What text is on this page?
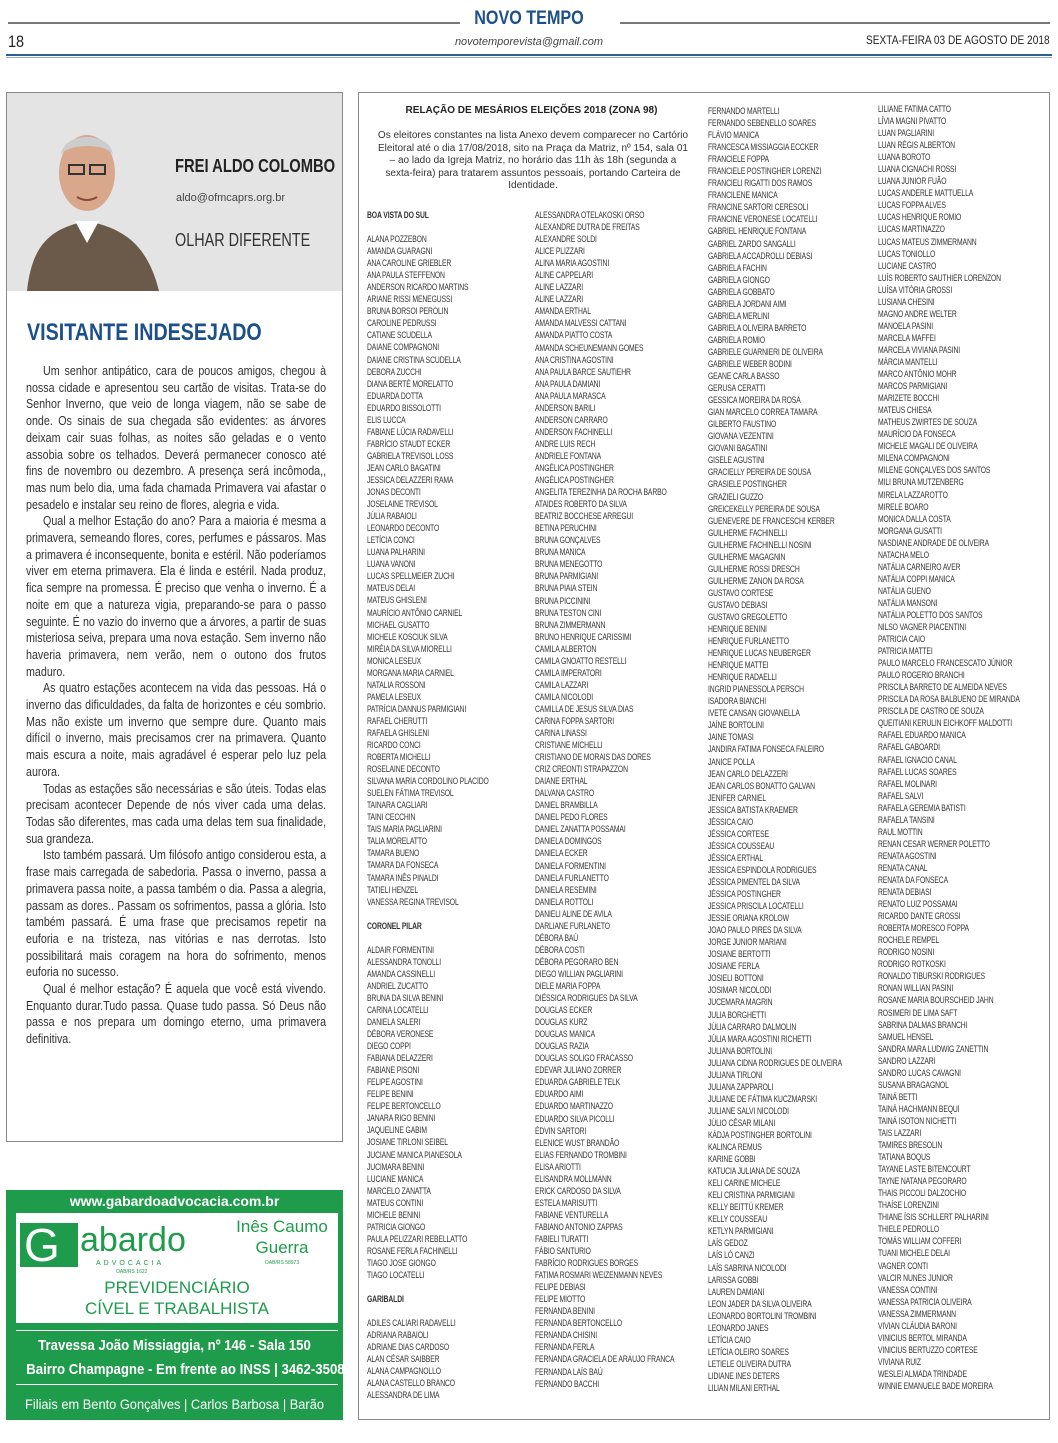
NOVO TEMPO
18	novotemporevista@gmail.com	SEXTA-FEIRA 03 DE AGOSTO DE 2018
FREI ALDO COLOMBO
aldo@ofmcaprs.org.br
OLHAR DIFERENTE
VISITANTE INDESEJADO

Um senhor antipático, cara de poucos amigos, chegou à nossa cidade e apresentou seu cartão de visitas. Trata-se do Senhor Inverno, que veio de longa viagem, não se sabe de onde. Os sinais de sua chegada são evidentes: as árvores deixam cair suas folhas, as noites são geladas e o vento assobia sobre os telhados. Deverá permanecer conosco até fins de novembro ou dezembro. A presença será incômoda,, mas num belo dia, uma fada chamada Primavera vai afastar o pesadelo e instalar seu reino de flores, alegria e vida.

Qual a melhor Estação do ano? Para a maioria é mesma a primavera, semeando flores, cores, perfumes e pássaros. Mas a primavera é inconsequente, bonita e estéril. Não poderíamos viver em eterna primavera. Ela é linda e estéril. Nada produz, fica sempre na promessa. É preciso que venha o inverno. É a noite em que a natureza vigia, preparando-se para o passo seguinte. É no vazio do inverno que a árvores, a partir de suas misteriosa seiva, prepara uma nova estação. Sem inverno não haveria primavera, nem verão, nem o outono dos frutos maduro.

As quatro estações acontecem na vida das pessoas. Há o inverno das dificuldades, da falta de horizontes e céu sombrio. Mas não existe um inverno que sempre dure. Quanto mais difícil o inverno, mais precisamos crer na primavera. Quanto mais escura a noite, mais agradável é esperar pelo luz pela aurora.

Todas as estações são necessárias e são úteis. Todas elas precisam acontecer Depende de nós viver cada uma delas. Todas são diferentes, mas cada uma delas tem sua finalidade, sua grandeza.

Isto também passará. Um filósofo antigo considerou esta, a frase mais carregada de sabedoria. Passa o inverno, passa a primavera passa noite, a passa também o dia. Passa a alegria, passam as dores.. Passam os sofrimentos, passa a glória. Isto também passará. É uma frase que precisamos repetir na euforia e na tristeza, nas vitórias e nas derrotas. Isto possibilitará mais coragem na hora do sofrimento, menos euforia no sucesso.

Qual é melhor estação? É aquela que você está vivendo. Enquanto durar.Tudo passa. Quase tudo passa. Só Deus não passa e nos prepara um domingo eterno, uma primavera definitiva.

www.gabardoadvocacia.com.br
G abardo
ADVOCACIA
OAB/RS 1622
Inês Caumo
Guerra
OAB/RS 58973
PREVIDENCIÁRIO
CÍVEL E TRABALHISTA
Travessa João Missiaggia, nº 146 - Sala 150
Bairro Champagne - Em frente ao INSS | 3462-3508
Filiais em Bento Gonçalves | Carlos Barbosa | Barão
RELAÇÃO DE MESÁRIOS ELEIÇÕES 2018 (ZONA 98)
Os eleitores constantes na lista Anexo devem comparecer no Cartório Eleitoral até o dia 17/08/2018, sito na Praça da Matriz, nº 154, sala 01 – ao lado da Igreja Matriz, no horário das 11h às 18h (segunda a sexta-feira) para tratarem assuntos pessoais, portando Carteira de Identidade.
BOA VISTA DO SUL
ALANA POZZEBON
AMANDA GUARAGNI
ANA CAROLINE GRIEBLER
ANA PAULA STEFFENON
ANDERSON RICARDO MARTINS
ARIANE RISSI MENEGUSSI
BRUNA BORSOI PEROLIN
CAROLINE PEDRUSSI
CATIANE SCUDELLA
DAIANE COMPAGNONI
DAIANE CRISTINA SCUDELLA
DEBORA ZUCCHI
DIANA BERTÉ MORELATTO
EDUARDA DOTTA
EDUARDO BISSOLOTTI
ELIS LUCCA
FABIANE LÚCIA RADAVELLI
FABRÍCIO STAUDT ECKER
GABRIELA TREVISOL LOSS
JEAN CARLO BAGATINI
JESSICA DELAZZERI RAMA
JONAS DECONTI
JOSELAINE TREVISOL
JÚLIA RABAIOLI
LEONARDO DECONTO
LETÍCIA CONCI
LUANA PALHARINI
LUANA VANONI
LUCAS SPELLMEIER ZUCHI
MATEUS DELAI
MATEUS GHISLENI
MAURÍCIO ANTÔNIO CARNIEL
MICHAEL GUSATTO
MICHELE KOSCIUK SILVA
MIRÉIA DA SILVA MIORELLI
MONICA LESEUX
MORGANA MARIA CARNIEL
NATALIA ROSSONI
PAMELA LESEUX
PATRÍCIA DANNUS PARMIGIANI
RAFAEL CHERUTTI
RAFAELA GHISLENI
RICARDO CONCI
ROBERTA MICHELLI
ROSELAINE DECONTO
SILVANA MARIA CORDOLINO PLACIDO
SUELEN FÁTIMA TREVISOL
TAINARA CAGLIARI
TAINI CECCHIN
TAIS MARIA PAGLIARINI
TALIA MORELATTO
TAMARA BUENO
TAMARA DA FONSECA
TAMARA INÊS PINALDI
TATIELI HENZEL
VANESSA REGINA TREVISOL
CORONEL PILAR
ALDAIR FORMENTINI
ALESSANDRA TONOLLI
AMANDA CASSINELLI
ANDRIEL ZUCATTO
BRUNA DA SILVA BENINI
CARINA LOCATELLI
DANIELA SALERI
DÉBORA VERONESE
DIEGO COPPI
FABIANA DELAZZERI
FABIANE PISONI
FELIPE AGOSTINI
FELIPE BENINI
FELIPE BERTONCELLO
JANARA RIGO BENINI
JAQUELINE GABIM
JOSIANE TIRLONI SEIBEL
JUCIANE MANICA PIANESOLA
JUCIMARA BENINI
LUCIANE MANICA
MARCELO ZANATTA
MATEUS CONTINI
MICHELE BENINI
PATRICIA GIONGO
PAULA PELIZZARI REBELLATTO
ROSANE FERLA FACHINELLI
TIAGO JOSE GIONGO
TIAGO LOCATELLI
GARIBALDI
ADILES CALIARI RADAVELLI
ADRIANA RABAIOLI
ADRIANE DIAS CARDOSO
ALAN CÉSAR SAIBBER
ALANA CAMPAGNOLLO
ALANA CASTELLO BRANCO
ALESSANDRA DE LIMA
ALESSANDRA OTELAKOSKI ORSO
ALEXANDRE DUTRA DE FREITAS
ALEXANDRE SOLDI
ALICE PLIZZARI
ALINA MARIA AGOSTINI
ALINE CAPPELARI
ALINE LAZZARI
ALINE LAZZARI
AMANDA ERTHAL
AMANDA MALVESSI CATTANI
AMANDA PIATTO COSTA
AMANDA SCHEUNEMANN GOMES
ANA CRISTINA AGOSTINI
ANA PAULA BARCE SAUTIEHR
ANA PAULA DAMIANI
ANA PAULA MARASCA
ANDERSON BARILI
ANDERSON CARRARO
ANDERSON FACHINELLI
ANDRE LUIS RECH
ANDRIELE FONTANA
ANGÉLICA POSTINGHER
ANGÉLICA POSTINGHER
ANGELITA TEREZINHA DA ROCHA BARBO
ATAIDES ROBERTO DA SILVA
BEATRIZ BOCCHESE ARREGUI
BETINA PERUCHINI
BRUNA GONÇALVES
BRUNA MANICA
BRUNA MENEGOTTO
BRUNA PARMIGIANI
BRUNA PIAIA STEIN
BRUNA PICCININI
BRUNA TESTON CINI
BRUNA ZIMMERMANN
BRUNO HENRIQUE CARISSIMI
CAMILA ALBERTON
CAMILA GNOATTO RESTELLI
CAMILA IMPERATORI
CAMILA LAZZARI
CAMILA NICOLODI
CAMILLA DE JESUS SILVA DIAS
CARINA FOPPA SARTORI
CARINA LINASSI
CRISTIANE MICHELLI
CRISTIANO DE MORAIS DAS DORES
CRIZ CREONTI STRAPAZZON
DAIANE ERTHAL
DALVANA CASTRO
DANIEL BRAMBILLA
DANIEL PEDO FLORES
DANIEL ZANATTA POSSAMAI
DANIELA DOMINGOS
DANIELA ECKER
DANIELA FORMENTINI
DANIELA FURLANETTO
DANIELA RESEMINI
DANIELA ROTTOLI
DANIELI ALINE DE AVILA
DARLIANE FURLANETO
DÉBORA BAÚ
DÉBORA COSTI
DÉBORA PEGORARO BEN
DIEGO WILLIAN PAGLIARINI
DIELE MARIA FOPPA
DIÉSSICA RODRIGUES DA SILVA
DOUGLAS ECKER
DOUGLAS KURZ
DOUGLAS MANICA
DOUGLAS RAZIA
DOUGLAS SOLIGO FRACASSO
EDEVAR JULIANO ZORRER
EDUARDA GABRIELE TELK
EDUARDO AIMI
EDUARDO MARTINAZZO
EDUARDO SILVA PICOLLI
ÉDVIN SARTORI
ELENICE WUST BRANDÃO
ELIAS FERNANDO TROMBINI
ELISA ARIOTTI
ELISANDRA MOLLMANN
ERICK CARDOSO DA SILVA
ESTELA MARISUTTI
FABIANE VENTURELLA
FABIANO ANTONIO ZAPPAS
FABIELI TURATTI
FÁBIO SANTURIO
FABRÍCIO RODRIGUES BORGES
FATIMA ROSMARI WEIZENMANN NEVES
FELIPE DEBIASI
FELIPE MIOTTO
FERNANDA BENINI
FERNANDA BERTONCELLO
FERNANDA CHISINI
FERNANDA FERLA
FERNANDA GRACIELA DE ARAUJO FRANCA
FERNANDA LAÍS BAÚ
FERNANDO BACCHI
FERNANDO MARTELLI
FERNANDO SEBENELLO SOARES
FLÁVIO MANICA
FRANCESCA MISSIAGGIA ECCKER
FRANCIELE FOPPA
FRANCIELE POSTINGHER LORENZI
FRANCIELI RIGATTI DOS RAMOS
FRANCILENE MANICA
FRANCINE SARTORI CERESOLI
FRANCINE VERONESE LOCATELLI
GABRIEL HENRIQUE FONTANA
GABRIEL ZARDO SANGALLI
GABRIELA ACCADROLLI DEBIASI
GABRIELA FACHIN
GABRIELA GIONGO
GABRIELA GOBBATO
GABRIELA JORDANI AIMI
GABRIELA MERLINI
GABRIELA OLIVEIRA BARRETO
GABRIELA ROMIO
GABRIELE GUARNIERI DE OLIVEIRA
GABRIELE WEBER BODINI
GEANE CARLA BASSO
GERUSA CERATTI
GESSICA MOREIRA DA ROSA
GIAN MARCELO CORREA TAMARA
GILBERTO FAUSTINO
GIOVANA VEZENTINI
GIOVANI BAGATINI
GISELE AGUSTINI
GRACIELLY PEREIRA DE SOUSA
GRASIELE POSTINGHER
GRAZIELI GUZZO
GREICEKELLY PEREIRA DE SOUSA
GUENEVERE DE FRANCESCHI KERBER
GUILHERME FACHINELLI
GUILHERME FACHINELLI NOSINI
GUILHERME MAGAGNIN
GUILHERME ROSSI DRESCH
GUILHERME ZANON DA ROSA
GUSTAVO CORTESE
GUSTAVO DEBIASI
GUSTAVO GREGOLETTO
HENRIQUE BENINI
HENRIQUE FURLANETTO
HENRIQUE LUCAS NEUBERGER
HENRIQUE MATTEI
HENRIQUE RADAELLI
INGRID PIANESSOLA PERSCH
ISADORA BIANCHI
IVETE CANSAN GIOVANELLA
JAÍNE BORTOLINI
JAINE TOMASI
JANDIRA FATIMA FONSECA FALEIRO
JANICE POLLA
JEAN CARLO DELAZZERI
JEAN CARLOS BONATTO GALVAN
JENIFER CARNIEL
JESSICA BATISTA KRAEMER
JÉSSICA CAIO
JÉSSICA CORTESE
JÉSSICA COUSSEAU
JÉSSICA ERTHAL
JESSICA ESPINDOLA RODRIGUES
JÉSSICA PIMENTEL DA SILVA
JÉSSICA POSTINGHER
JESSICA PRISCILA LOCATELLI
JESSIE ORIANA KROLOW
JOAO PAULO PIRES DA SILVA
JORGE JUNIOR MARIANI
JOSIANE BERTOTTI
JOSIANE FERLA
JOSIELI BOTTONI
JOSIMAR NICOLODI
JUCEMARA MAGRIN
JULIA BORGHETTI
JÚLIA CARRARO DALMOLIN
JÚLIA MARA AGOSTINI RICHETTI
JULIANA BORTOLINI
JULIANA CIDNA RODRIGUES DE OLIVEIRA
JULIANA TIRLONI
JULIANA ZAPPAROLI
JULIANE DE FÁTIMA KUCZMARSKI
JULIANE SALVI NICOLODI
JÚLIO CÉSAR MILANI
KÁDJA POSTINGHER BORTOLINI
KALINCA REMUS
KARINE GOBBI
KATUCIA JULIANA DE SOUZA
KELI CARINE MICHELE
KELI CRISTINA PARMIGIANI
KELLY BEITTÚ KREMER
KELLY COUSSEAU
KETLYN PARMIGIANI
LAÍS GEDOZ
LAÍS LÓ CANZI
LAÍS SABRINA NICOLODI
LARISSA GOBBI
LAUREN DAMIANI
LEON JADER DA SILVA OLIVEIRA
LEONARDO BORTOLINI TROMBINI
LEONARDO JANES
LETÍCIA CAIO
LETÍCIA OLEIRO SOARES
LETIELE OLIVEIRA DUTRA
LIDIANE INES DETERS
LILIAN MILANI ERTHAL
LILIANE FATIMA CATTO
LÍVIA MAGNI PIVATTO
LUAN PAGLIARINI
LUAN RÉGIS ALBERTON
LUANA BOROTO
LUANA CIGNACHI ROSSI
LUANA JUNIOR FUÃO
LUCAS ANDERLE MATTUELLA
LUCAS FOPPA ALVES
LUCAS HENRIQUE ROMIO
LUCAS MARTINAZZO
LUCAS MATEUS ZIMMERMANN
LUCAS TONIOLLO
LUCIANE CASTRO
LUÍS ROBERTO SAUTHIER LORENZON
LUÍSA VITÓRIA GROSSI
LUSIANA CHESINI
MAGNO ANDRE WELTER
MANOELA PASINI
MARCELA MAFFEI
MARCELA VIVIANA PASINI
MÁRCIA MANTELLI
MARCO ANTÔNIO MOHR
MARCOS PARMIGIANI
MARIZETE BOCCHI
MATEUS CHIESA
MATHEUS ZWIRTES DE SOUZA
MAURÍCIO DA FONSECA
MICHELE MAGALI DE OLIVEIRA
MILENA COMPAGNONI
MILENE GONÇALVES DOS SANTOS
MILI BRUNA MUTZENBERG
MIRELA LAZZAROTTO
MIRELE BOARO
MONICA DALLA COSTA
MORGANA GUSATTI
NASDIANE ANDRADE DE OLIVEIRA
NATACHA MELO
NATÁLIA CARNEIRO AVER
NATÁLIA COPPI MANICA
NATÁLIA GUENO
NATÁLIA MANSONI
NATÁLIA POLETTO DOS SANTOS
NILSO VAGNER PIACENTINI
PATRICIA CAIO
PATRICIA MATTEI
PAULO MARCELO FRANCESCATO JÚNIOR
PAULO ROGERIO BRANCHI
PRISCILA BARRETO DE ALMEIDA NEVES
PRISCILA DA ROSA BALBUENO DE MIRANDA
PRISCILA DE CASTRO DE SOUZA
QUEITIANI KERULIN EICHKOFF MALDOTTI
RAFAEL EDUARDO MANICA
RAFAEL GABOARDI
RAFAEL IGNACIO CANAL
RAFAEL LUCAS SOARES
RAFAEL MOLINARI
RAFAEL SALVI
RAFAELA GEREMIA BATISTI
RAFAELA TANSINI
RAUL MOTTIN
RENAN CESAR WERNER POLETTO
RENATA AGOSTINI
RENATA CANAL
RENATA DA FONSECA
RENATA DEBIASI
RENATO LUIZ POSSAMAI
RICARDO DANTE GROSSI
ROBERTA MORESCO FOPPA
ROCHELE REMPEL
RODRIGO NOSINI
RODRIGO ROTKOSKI
RONALDO TIBURSKI RODRIGUES
RONAN WILLIAN PASINI
ROSANE MARIA BOURSCHEID JAHN
ROSIMERI DE LIMA SAFT
SABRINA DALMAS BRANCHI
SAMUEL HENSEL
SANDRA MARA LUDWIG ZANETTIN
SANDRO LAZZARI
SANDRO LUCAS CAVAGNI
SUSANA BRAGAGNOL
TAINÁ BETTI
TAINÁ HACHMANN BEQUI
TAINÁ ISOTON NICHETTI
TAIS LAZZARI
TAMIRES BRESOLIN
TATIANA BOQUS
TAYANE LASTE BITENCOURT
TAYNE NATANA PEGORARO
THAIS PICCOLI DALZOCHIO
THAÍSE LORENZINI
THIANE ÍSIS SCHLLERT PALHARINI
THIELE PEDROLLO
TOMÁS WILLIAM COFFERI
TUANI MICHELE DELAI
VAGNER CONTI
VALCIR NUNES JUNIOR
VANESSA CONTINI
VANESSA PATRICIA OLIVEIRA
VANESSA ZIMMERMANN
VIVIAN CLÁUDIA BARONI
VINICIUS BERTOL MIRANDA
VINICIUS BERTUZZO CORTESE
VIVIANA RUIZ
WESLEI ALMADA TRINDADE
WINNIE EMANUELE BADE MOREIRA
